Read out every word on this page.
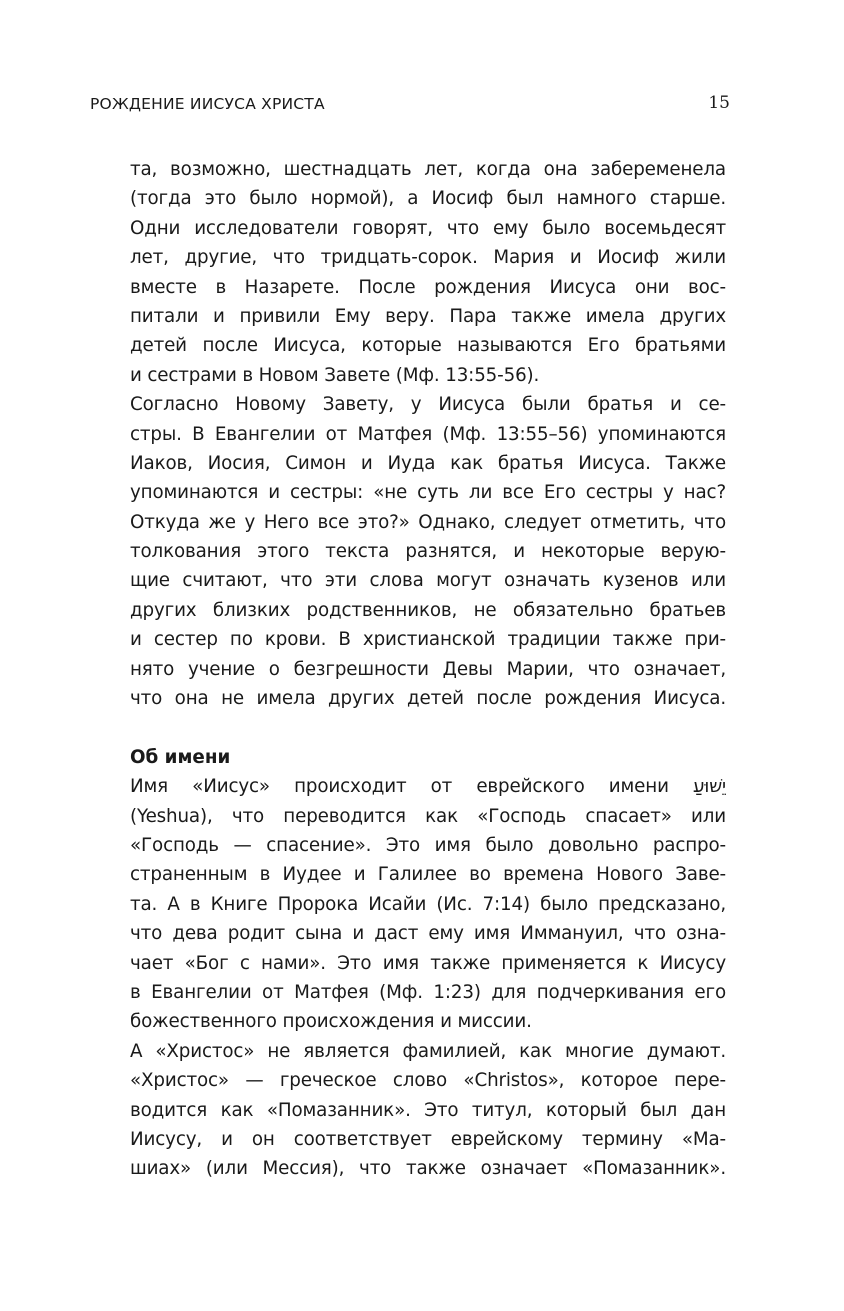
РОЖДЕНИЕ ИИСУСА ХРИСТА	15
та, возможно, шестнадцать лет, когда она забеременела
(тогда это было нормой), а Иосиф был намного старше.
Одни исследователи говорят, что ему было восемьдесят
лет, другие, что тридцать-сорок. Мария и Иосиф жили
вместе в Назарете. После рождения Иисуса они вос-
питали и привили Ему веру. Пара также имела других
детей после Иисуса, которые называются Его братьями
и сестрами в Новом Завете (Мф. 13:55-56).
Согласно Новому Завету, у Иисуса были братья и се-
стры. В Евангелии от Матфея (Мф. 13:55–56) упоминаются
Иаков, Иосия, Симон и Иуда как братья Иисуса. Также
упоминаются и сестры: «не суть ли все Его сестры у нас?
Откуда же у Него все это?» Однако, следует отметить, что
толкования этого текста разнятся, и некоторые верую-
щие считают, что эти слова могут означать кузенов или
других близких родственников, не обязательно братьев
и сестер по крови. В христианской традиции также при-
нято учение о безгрешности Девы Марии, что означает,
что она не имела других детей после рождения Иисуса.
Об имени
Имя «Иисус» происходит от еврейского имени יֵשׁוּעַ
(Yeshua), что переводится как «Господь спасает» или
«Господь — спасение». Это имя было довольно распро-
страненным в Иудее и Галилее во времена Нового Заве-
та. А в Книге Пророка Исайи (Ис. 7:14) было предсказано,
что дева родит сына и даст ему имя Иммануил, что озна-
чает «Бог с нами». Это имя также применяется к Иисусу
в Евангелии от Матфея (Мф. 1:23) для подчеркивания его
божественного происхождения и миссии.
А «Христос» не является фамилией, как многие думают.
«Христос» — греческое слово «Christos», которое пере-
водится как «Помазанник». Это титул, который был дан
Иисусу, и он соответствует еврейскому термину «Ма-
шиах» (или Мессия), что также означает «Помазанник».
